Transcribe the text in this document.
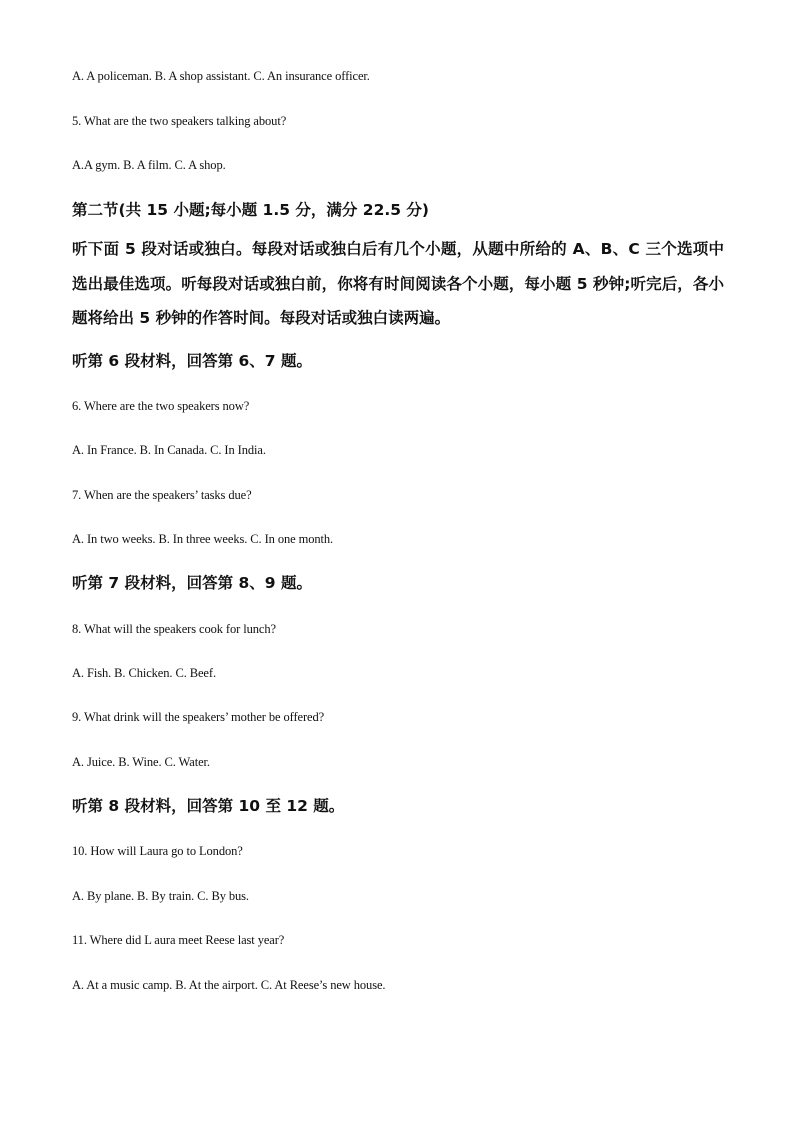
A. A policeman. B. A shop assistant. C. An insurance officer.
5. What are the two speakers talking about?
A.A gym. B. A film. C. A shop.
第二节(共 15 小题;每小题 1.5 分，满分 22.5 分)
听下面 5 段对话或独白。每段对话或独白后有几个小题，从题中所给的 A、B、C 三个选项中选出最佳选项。听每段对话或独白前，你将有时间阅读各个小题，每小题 5 秒钟;听完后，各小题将给出 5 秒钟的作答时间。每段对话或独白读两遍。
听第 6 段材料，回答第 6、7 题。
6. Where are the two speakers now?
A. In France. B. In Canada. C. In India.
7. When are the speakers’ tasks due?
A. In two weeks. B. In three weeks. C. In one month.
听第 7 段材料，回答第 8、9 题。
8. What will the speakers cook for lunch?
A. Fish. B. Chicken. C. Beef.
9. What drink will the speakers’ mother be offered?
A. Juice. B. Wine. C. Water.
听第 8 段材料，回答第 10 至 12 题。
10. How will Laura go to London?
A. By plane. B. By train. C. By bus.
11. Where did L aura meet Reese last year?
A. At a music camp. B. At the airport. C. At Reese’s new house.
